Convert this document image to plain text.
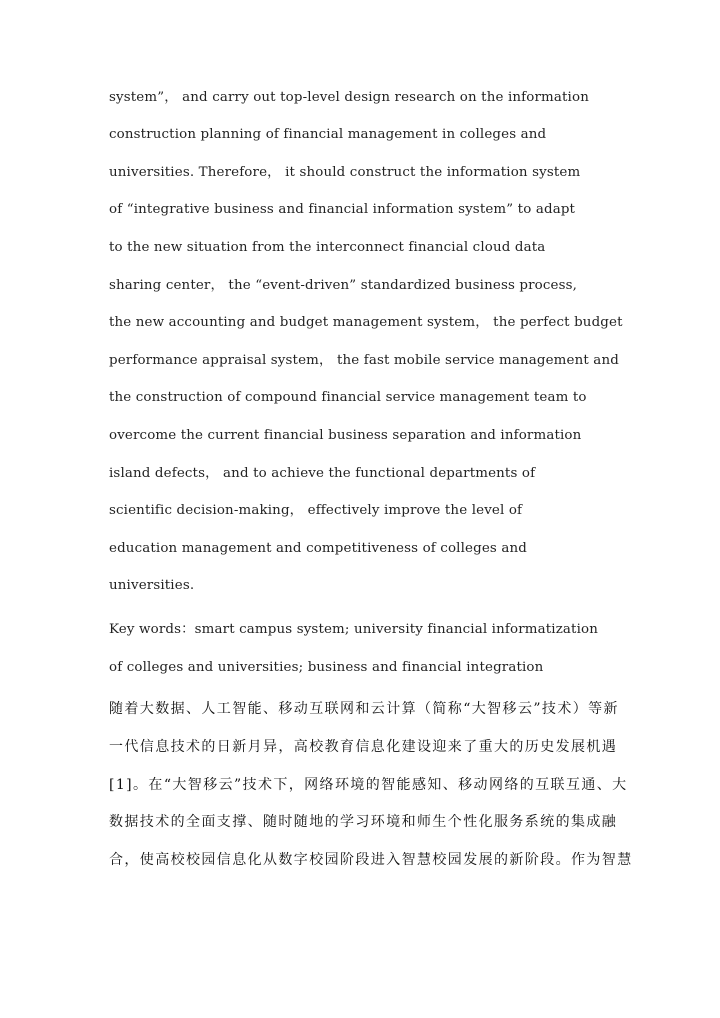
system”， and carry out top-level design research on the information
construction planning of financial management in colleges and
universities. Therefore， it should construct the information system
of “integrative business and financial information system” to adapt
to the new situation from the interconnect financial cloud data
sharing center， the “event-driven” standardized business process,
the new accounting and budget management system， the perfect budget
performance appraisal system， the fast mobile service management and
the construction of compound financial service management team to
overcome the current financial business separation and information
island defects， and to achieve the functional departments of
scientific decision-making， effectively improve the level of
education management and competitiveness of colleges and
universities.
Key words：smart campus system; university financial informatization
of colleges and universities; business and financial integration
随着大数据、人工智能、移动互联网和云计算（简称“大智移云”技术）等新
一代信息技术的日新月异，高校教育信息化建设迎来了重大的历史发展机遇
[1]。在“大智移云”技术下，网络环境的智能感知、移动网络的互联互通、大
数据技术的全面支撑、随时随地的学习环境和师生个性化服务系统的集成融
合，使高校校园信息化从数字校园阶段进入智慧校园发展的新阶段。作为智慧
